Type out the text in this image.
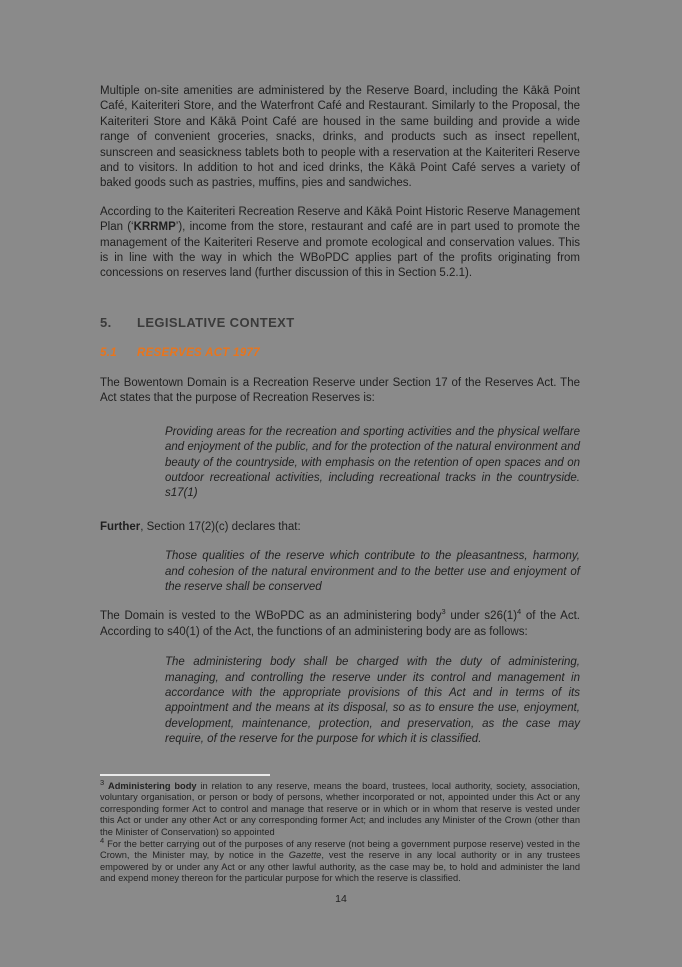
Multiple on-site amenities are administered by the Reserve Board, including the Kākā Point Café, Kaiteriteri Store, and the Waterfront Café and Restaurant. Similarly to the Proposal, the Kaiteriteri Store and Kākā Point Café are housed in the same building and provide a wide range of convenient groceries, snacks, drinks, and products such as insect repellent, sunscreen and seasickness tablets both to people with a reservation at the Kaiteriteri Reserve and to visitors. In addition to hot and iced drinks, the Kākā Point Café serves a variety of baked goods such as pastries, muffins, pies and sandwiches.

According to the Kaiteriteri Recreation Reserve and Kākā Point Historic Reserve Management Plan (‘KRRMP’), income from the store, restaurant and café are in part used to promote the management of the Kaiteriteri Reserve and promote ecological and conservation values. This is in line with the way in which the WBoPDC applies part of the profits originating from concessions on reserves land (further discussion of this in Section 5.2.1).

5. LEGISLATIVE CONTEXT
5.1 RESERVES ACT 1977

The Bowentown Domain is a Recreation Reserve under Section 17 of the Reserves Act. The Act states that the purpose of Recreation Reserves is:

Providing areas for the recreation and sporting activities and the physical welfare and enjoyment of the public, and for the protection of the natural environment and beauty of the countryside, with emphasis on the retention of open spaces and on outdoor recreational activities, including recreational tracks in the countryside. s17(1)

Further, Section 17(2)(c) declares that:

Those qualities of the reserve which contribute to the pleasantness, harmony, and cohesion of the natural environment and to the better use and enjoyment of the reserve shall be conserved

The Domain is vested to the WBoPDC as an administering body$^3$ under $s26(1)^4$ of the Act. According to s40(1) of the Act, the functions of an administering body are as follows:

The administering body shall be charged with the duty of administering, managing, and controlling the reserve under its control and management in accordance with the appropriate provisions of this Act and in terms of its appointment and the means at its disposal, so as to ensure the use, enjoyment, development, maintenance, protection, and preservation, as the case may require, of the reserve for the purpose for which it is classified.

$^3$ Administering body in relation to any reserve, means the board, trustees, local authority, society, association, voluntary organisation, or person or body of persons, whether incorporated or not, appointed under this Act or any corresponding former Act to control and manage that reserve or in which or in whom that reserve is vested under this Act or under any other Act or any corresponding former Act; and includes any Minister of the Crown (other than the Minister of Conservation) so appointed

$^4$ For the better carrying out of the purposes of any reserve (not being a government purpose reserve) vested in the Crown, the Minister may, by notice in the Gazette, vest the reserve in any local authority or in any trustees empowered by or under any Act or any other lawful authority, as the case may be, to hold and administer the land and expend money thereon for the particular purpose for which the reserve is classified.

14
